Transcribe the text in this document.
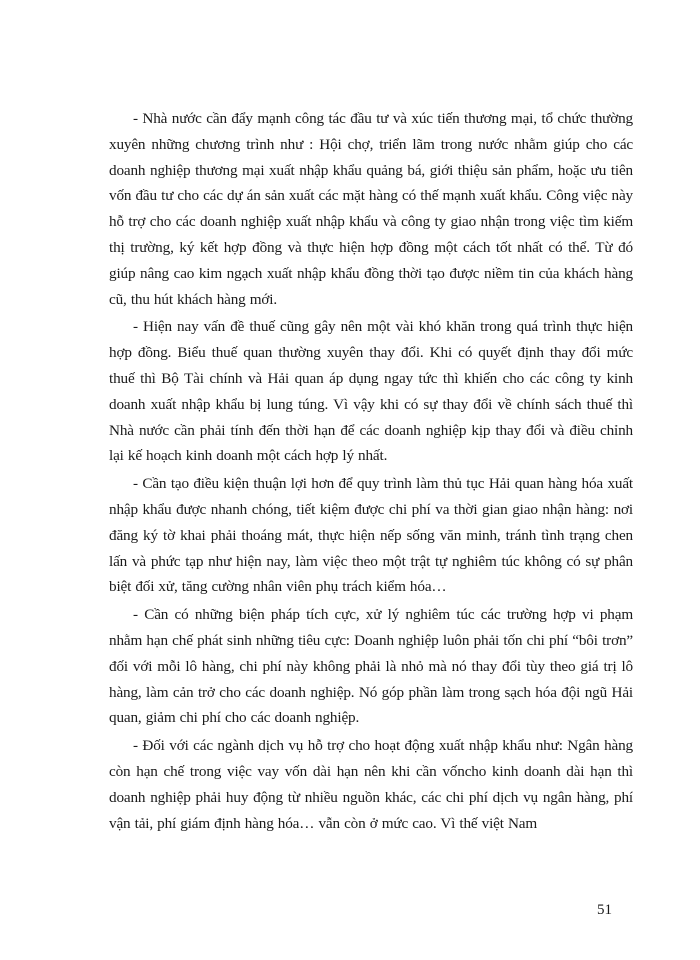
- Nhà nước cần đẩy mạnh công tác đầu tư và xúc tiến thương mại, tổ chức thường xuyên những chương trình như : Hội chợ, triển lãm trong nước nhằm giúp cho các doanh nghiệp thương mại xuất nhập khẩu quảng bá, giới thiệu sản phẩm, hoặc ưu tiên vốn đầu tư cho các dự án sản xuất các mặt hàng có thế mạnh xuất khẩu. Công việc này hỗ trợ cho các doanh nghiệp xuất nhập khẩu và công ty giao nhận trong việc tìm kiếm thị trường, ký kết hợp đồng và thực hiện hợp đồng một cách tốt nhất có thể. Từ đó giúp nâng cao kim ngạch xuất nhập khẩu đồng thời tạo được niềm tin của khách hàng cũ, thu hút khách hàng mới.

- Hiện nay vấn đề thuế cũng gây nên một vài khó khăn trong quá trình thực hiện hợp đồng. Biểu thuế quan thường xuyên thay đổi. Khi có quyết định thay đổi mức thuế thì Bộ Tài chính và Hải quan áp dụng ngay tức thì khiến cho các công ty kinh doanh xuất nhập khẩu bị lung túng. Vì vậy khi có sự thay đổi về chính sách thuế thì Nhà nước cần phải tính đến thời hạn để các doanh nghiệp kịp thay đổi và điều chỉnh lại kế hoạch kinh doanh một cách hợp lý nhất.

- Cần tạo điều kiện thuận lợi hơn để quy trình làm thủ tục Hải quan hàng hóa xuất nhập khẩu được nhanh chóng, tiết kiệm được chi phí va thời gian giao nhận hàng: nơi đăng ký tờ khai phải thoáng mát, thực hiện nếp sống văn minh, tránh tình trạng chen lấn và phức tạp như hiện nay, làm việc theo một trật tự nghiêm túc không có sự phân biệt đối xử, tăng cường nhân viên phụ trách kiểm hóa…

- Cần có những biện pháp tích cực, xử lý nghiêm túc các trường hợp vi phạm nhằm hạn chế phát sinh những tiêu cực: Doanh nghiệp luôn phải tốn chi phí “bôi trơn” đối với mỗi lô hàng, chi phí này không phải là nhỏ mà nó thay đổi tùy theo giá trị lô hàng, làm cản trở cho các doanh nghiệp. Nó góp phần làm trong sạch hóa đội ngũ Hải quan, giảm chi phí cho các doanh nghiệp.

- Đối với các ngành dịch vụ hỗ trợ cho hoạt động xuất nhập khẩu như: Ngân hàng còn hạn chế trong việc vay vốn dài hạn nên khi cần vốncho kinh doanh dài hạn thì doanh nghiệp phải huy động từ nhiều nguồn khác, các chi phí dịch vụ ngân hàng, phí vận tải, phí giám định hàng hóa… vẫn còn ở mức cao. Vì thế việt Nam

51
